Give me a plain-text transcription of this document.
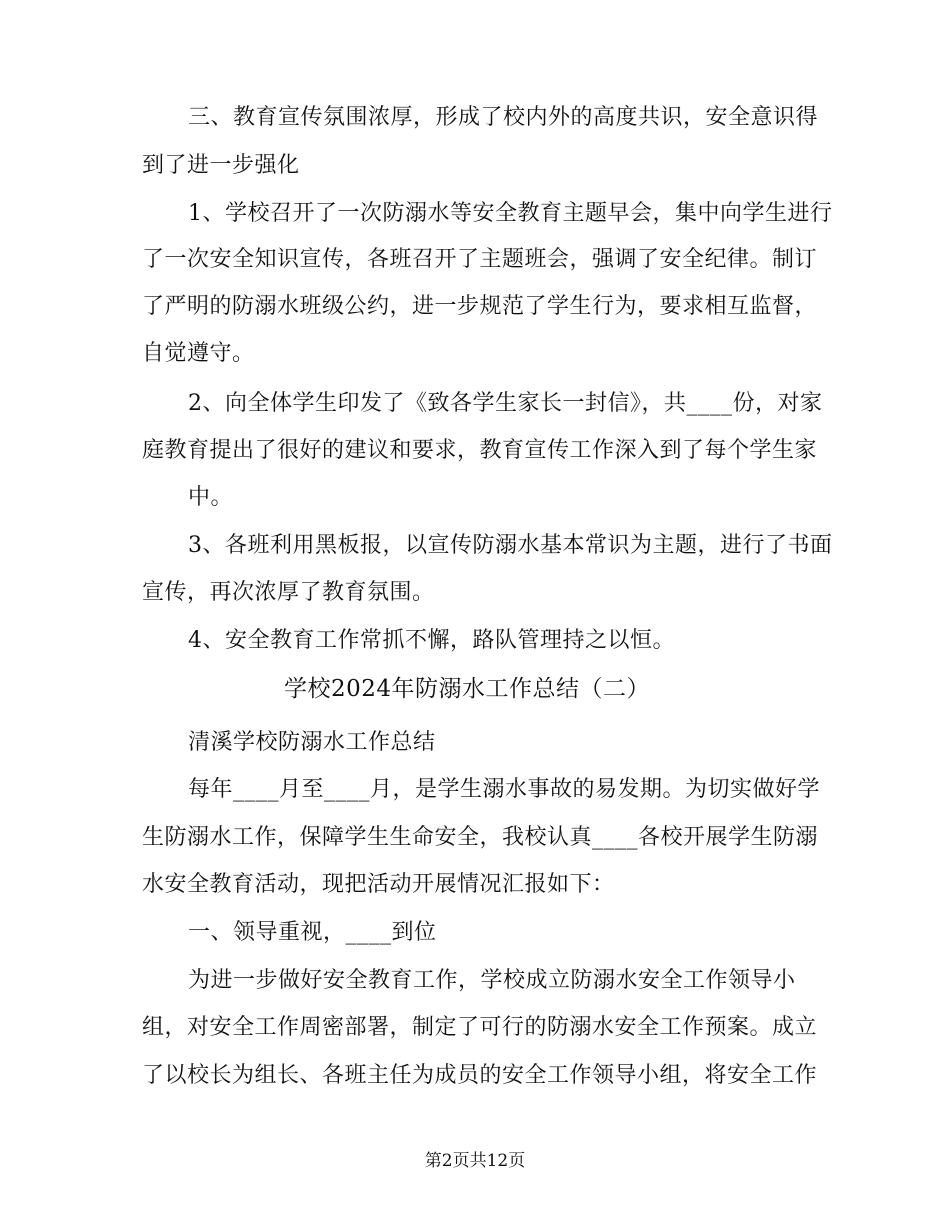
三、教育宣传氛围浓厚，形成了校内外的高度共识，安全意识得
到了进一步强化
1、学校召开了一次防溺水等安全教育主题早会，集中向学生进行
了一次安全知识宣传，各班召开了主题班会，强调了安全纪律。制订
了严明的防溺水班级公约，进一步规范了学生行为，要求相互监督，
自觉遵守。
2、向全体学生印发了《致各学生家长一封信》，共____份，对家
庭教育提出了很好的建议和要求，教育宣传工作深入到了每个学生家
中。
3、各班利用黑板报，以宣传防溺水基本常识为主题，进行了书面
宣传，再次浓厚了教育氛围。
4、安全教育工作常抓不懈，路队管理持之以恒。
学校2024年防溺水工作总结（二）
清溪学校防溺水工作总结
每年____月至____月，是学生溺水事故的易发期。为切实做好学
生防溺水工作，保障学生生命安全，我校认真____各校开展学生防溺
水安全教育活动，现把活动开展情况汇报如下：
一、领导重视，____到位
为进一步做好安全教育工作，学校成立防溺水安全工作领导小
组，对安全工作周密部署，制定了可行的防溺水安全工作预案。成立
了以校长为组长、各班主任为成员的安全工作领导小组，将安全工作
第2页共12页
